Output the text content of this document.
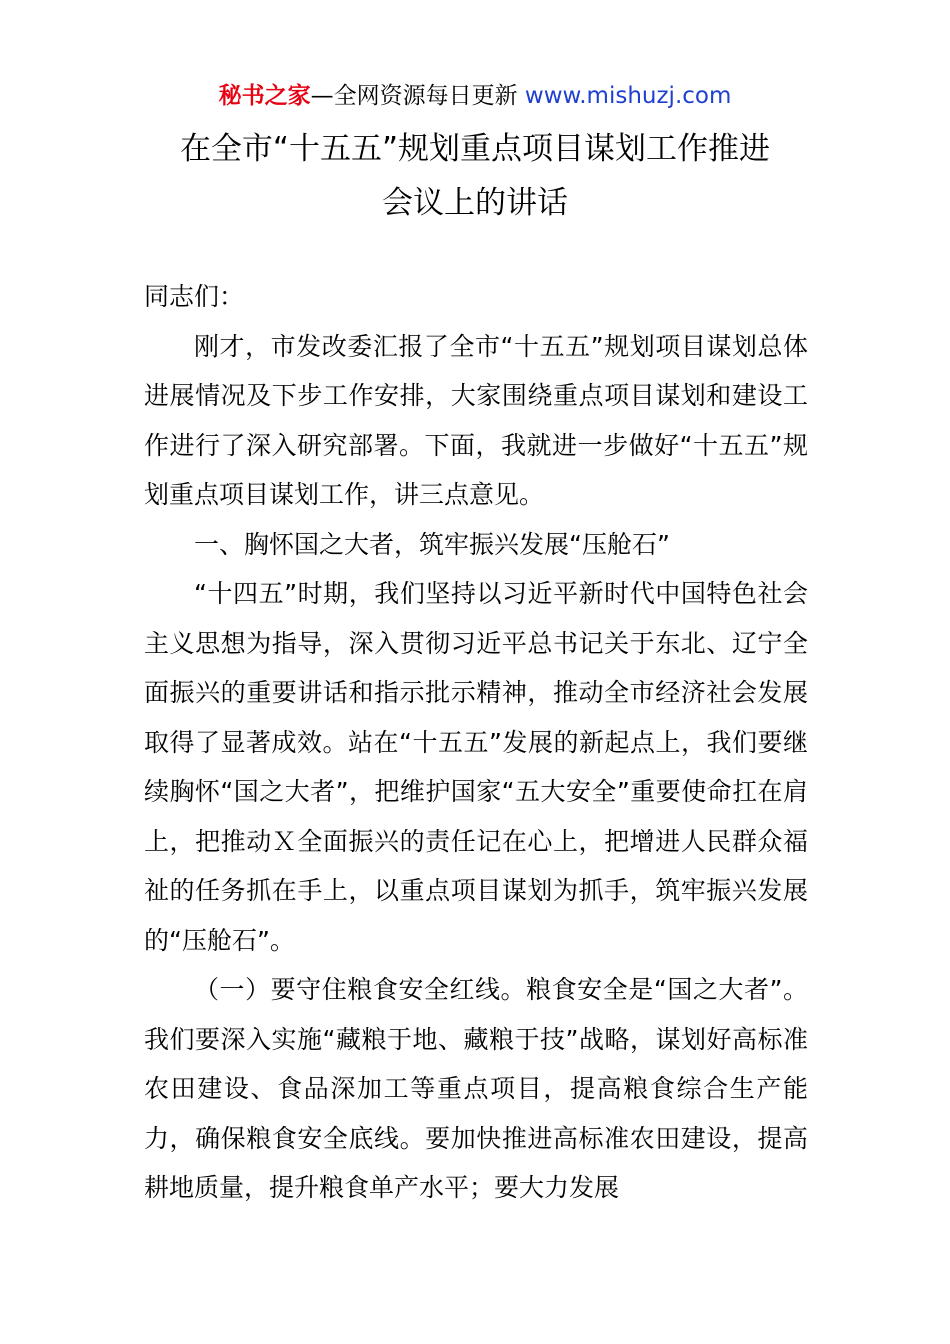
秘书之家—全网资源每日更新 www.mishuzj.com
在全市“十五五”规划重点项目谋划工作推进
会议上的讲话

同志们：

刚才，市发改委汇报了全市“十五五”规划项目谋划总体进展情况及下步工作安排，大家围绕重点项目谋划和建设工作进行了深入研究部署。下面，我就进一步做好“十五五”规划重点项目谋划工作，讲三点意见。

一、胸怀国之大者，筑牢振兴发展“压舱石”

“十四五”时期，我们坚持以习近平新时代中国特色社会主义思想为指导，深入贯彻习近平总书记关于东北、辽宁全面振兴的重要讲话和指示批示精神，推动全市经济社会发展取得了显著成效。站在“十五五”发展的新起点上，我们要继续胸怀“国之大者”，把维护国家“五大安全”重要使命扛在肩上，把推动Ｘ全面振兴的责任记在心上，把增进人民群众福祉的任务抓在手上，以重点项目谋划为抓手，筑牢振兴发展的“压舱石”。

（一）要守住粮食安全红线。粮食安全是“国之大者”。我们要深入实施“藏粮于地、藏粮于技”战略，谋划好高标准农田建设、食品深加工等重点项目，提高粮食综合生产能力，确保粮食安全底线。要加快推进高标准农田建设，提高耕地质量，提升粮食单产水平；要大力发展
